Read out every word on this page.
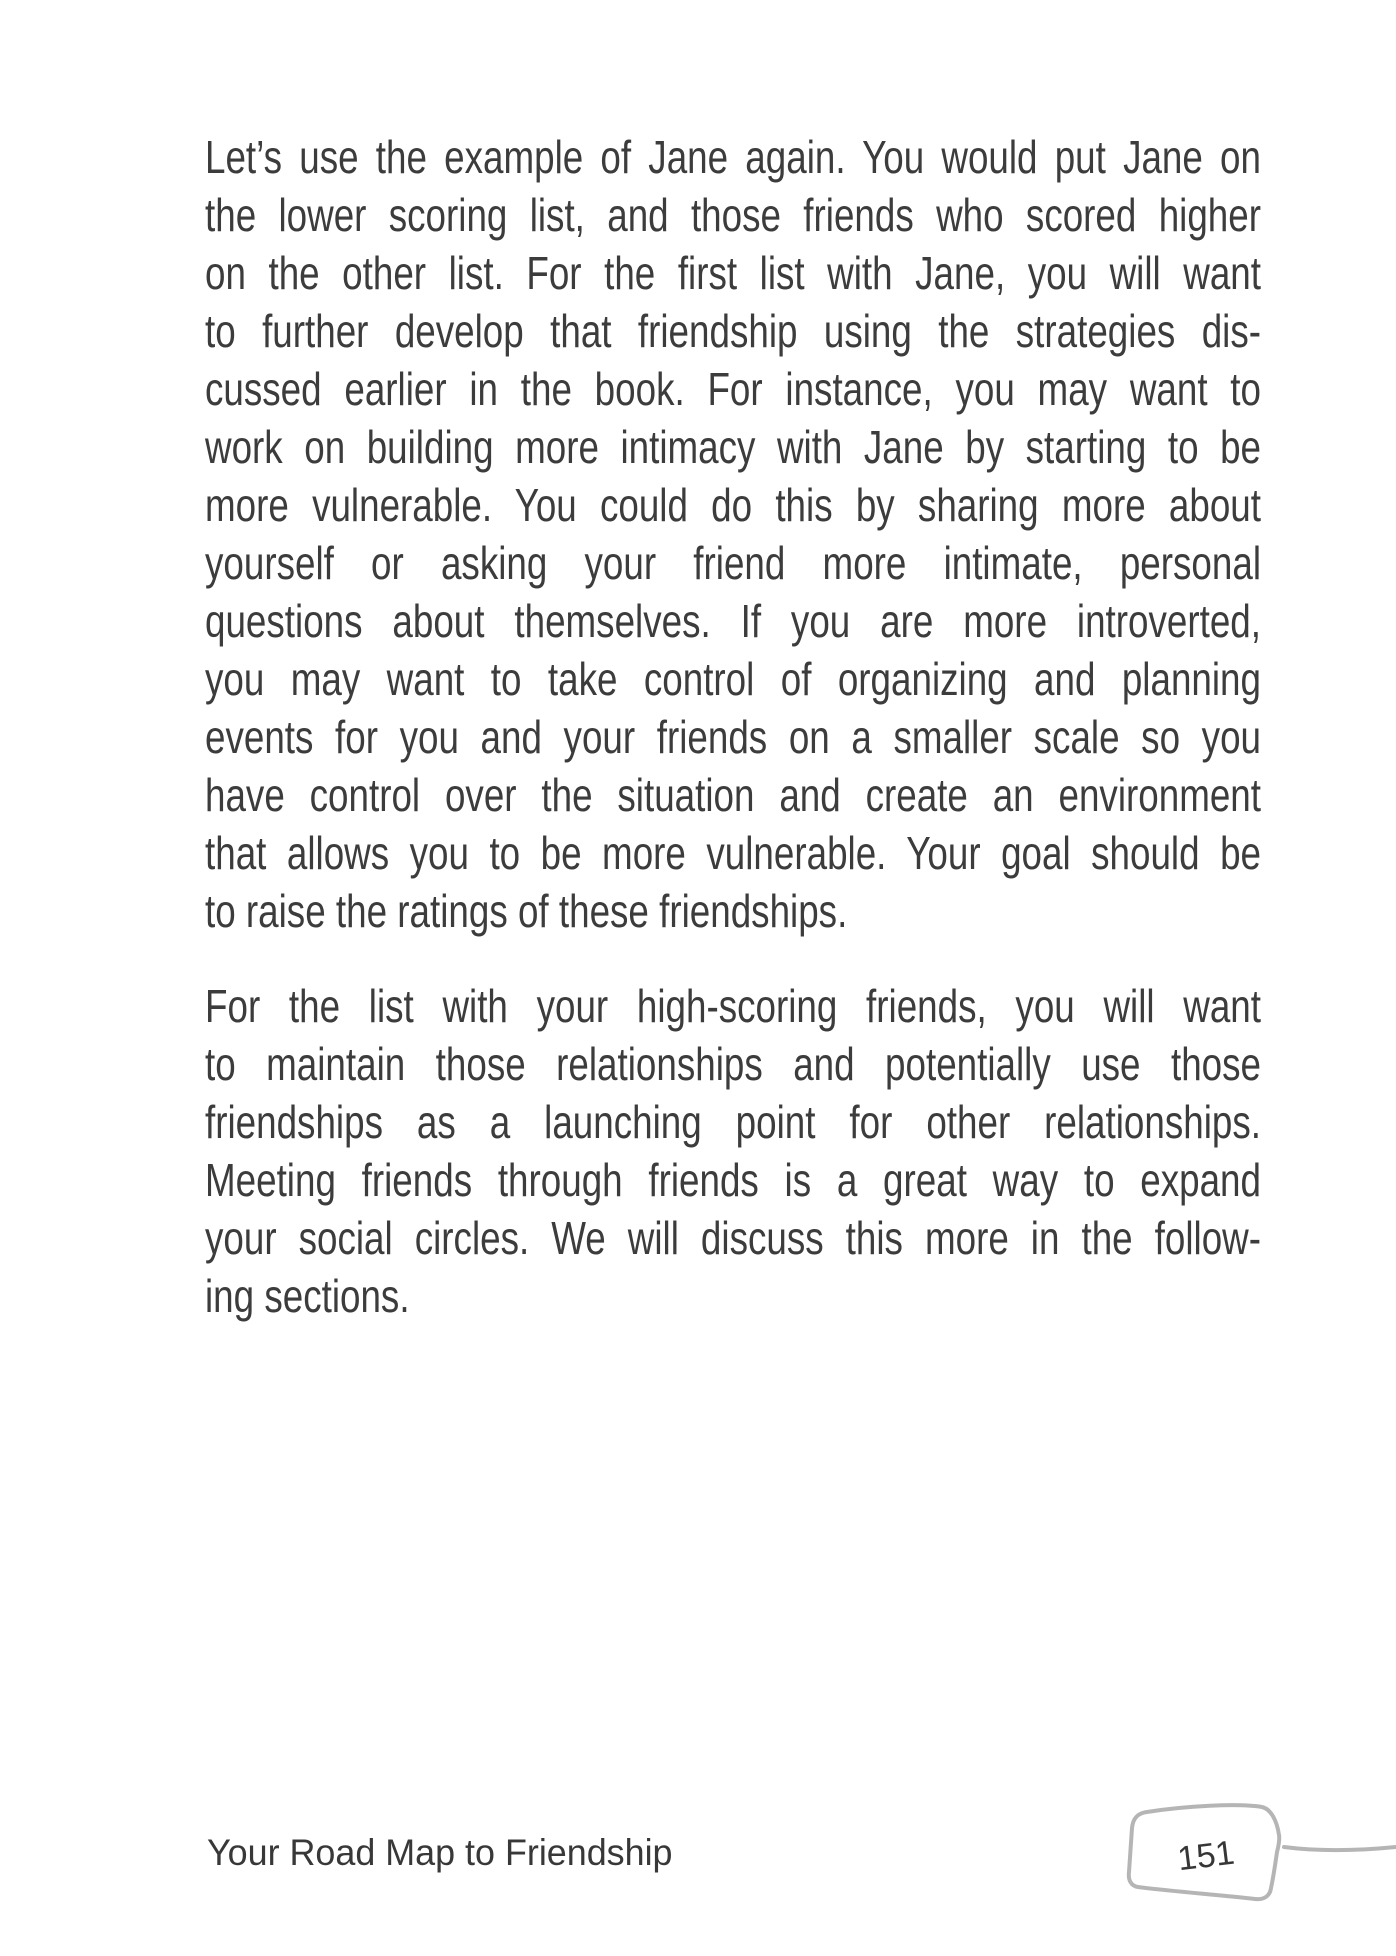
Let’s use the example of Jane again. You would put Jane on
the lower scoring list, and those friends who scored higher
on the other list. For the first list with Jane, you will want
to further develop that friendship using the strategies dis-
cussed earlier in the book. For instance, you may want to
work on building more intimacy with Jane by starting to be
more vulnerable. You could do this by sharing more about
yourself or asking your friend more intimate, personal
questions about themselves. If you are more introverted,
you may want to take control of organizing and planning
events for you and your friends on a smaller scale so you
have control over the situation and create an environment
that allows you to be more vulnerable. Your goal should be
to raise the ratings of these friendships.
For the list with your high-scoring friends, you will want
to maintain those relationships and potentially use those
friendships as a launching point for other relationships.
Meeting friends through friends is a great way to expand
your social circles. We will discuss this more in the follow-
ing sections.
Your Road Map to Friendship	151
